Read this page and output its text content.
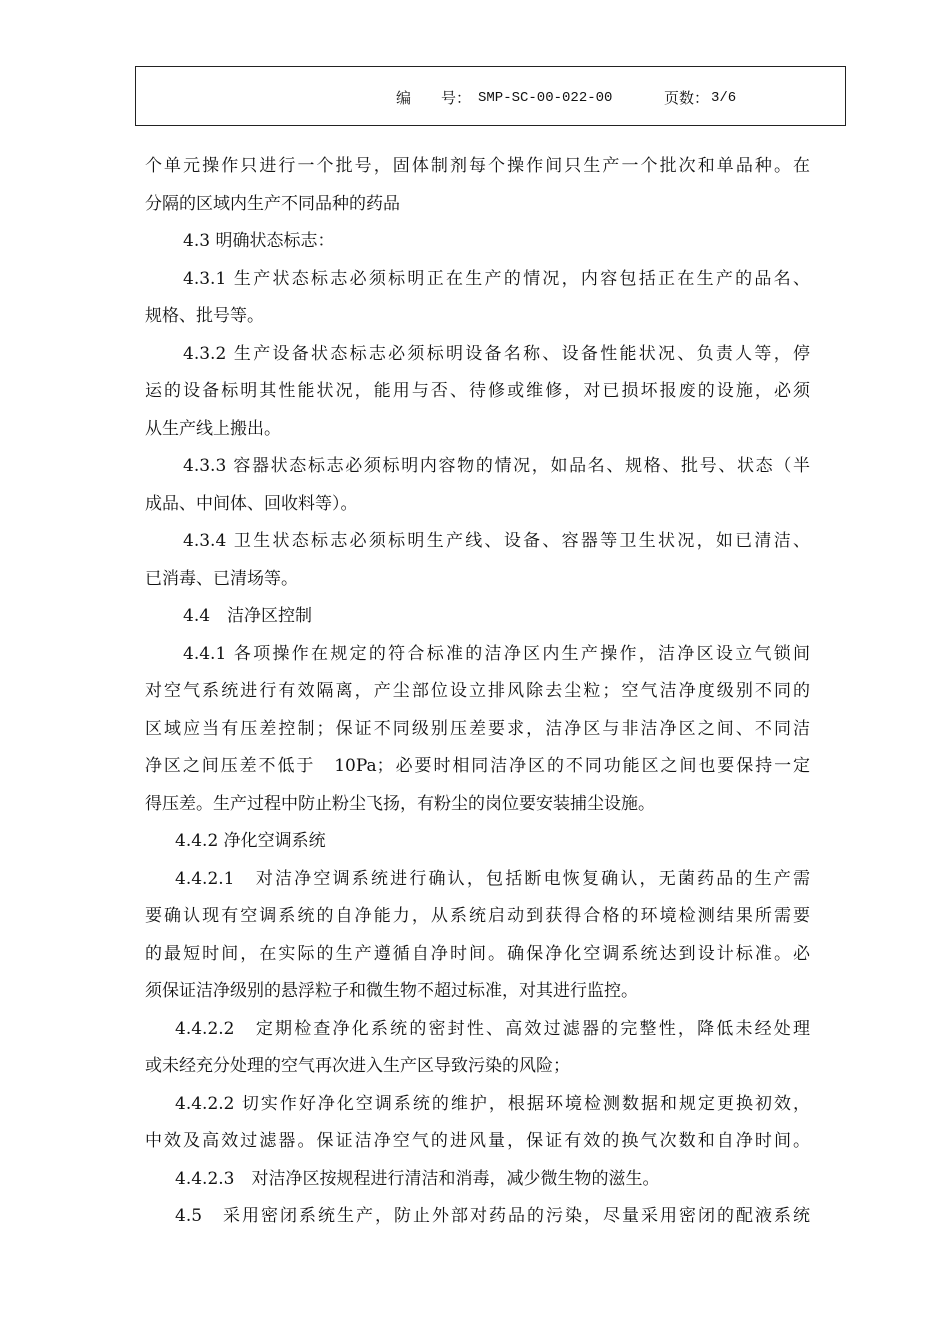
编　　号： SMP-SC-00-022-00	页数： 3/6
个单元操作只进行一个批号，固体制剂每个操作间只生产一个批次和单品种。在
分隔的区域内生产不同品种的药品
4.3 明确状态标志：
4.3.1 生产状态标志必须标明正在生产的情况，内容包括正在生产的品名、
规格、批号等。
4.3.2 生产设备状态标志必须标明设备名称、设备性能状况、负责人等，停
运的设备标明其性能状况，能用与否、待修或维修，对已损坏报废的设施，必须
从生产线上搬出。
4.3.3 容器状态标志必须标明内容物的情况，如品名、规格、批号、状态（半
成品、中间体、回收料等）。
4.3.4 卫生状态标志必须标明生产线、设备、容器等卫生状况，如已清洁、
已消毒、已清场等。
4.4　洁净区控制
4.4.1 各项操作在规定的符合标准的洁净区内生产操作，洁净区设立气锁间
对空气系统进行有效隔离，产尘部位设立排风除去尘粒；空气洁净度级别不同的
区域应当有压差控制；保证不同级别压差要求，洁净区与非洁净区之间、不同洁
净区之间压差不低于　10Pa；必要时相同洁净区的不同功能区之间也要保持一定
得压差。生产过程中防止粉尘飞扬，有粉尘的岗位要安装捕尘设施。
4.4.2 净化空调系统
4.4.2.1　对洁净空调系统进行确认，包括断电恢复确认，无菌药品的生产需
要确认现有空调系统的自净能力，从系统启动到获得合格的环境检测结果所需要
的最短时间，在实际的生产遵循自净时间。确保净化空调系统达到设计标准。必
须保证洁净级别的悬浮粒子和微生物不超过标准，对其进行监控。
4.4.2.2　定期检查净化系统的密封性、高效过滤器的完整性，降低未经处理
或未经充分处理的空气再次进入生产区导致污染的风险；
4.4.2.2 切实作好净化空调系统的维护，根据环境检测数据和规定更换初效，
中效及高效过滤器。保证洁净空气的进风量，保证有效的换气次数和自净时间。
4.4.2.3　对洁净区按规程进行清洁和消毒，减少微生物的滋生。
4.5　采用密闭系统生产，防止外部对药品的污染，尽量采用密闭的配液系统
